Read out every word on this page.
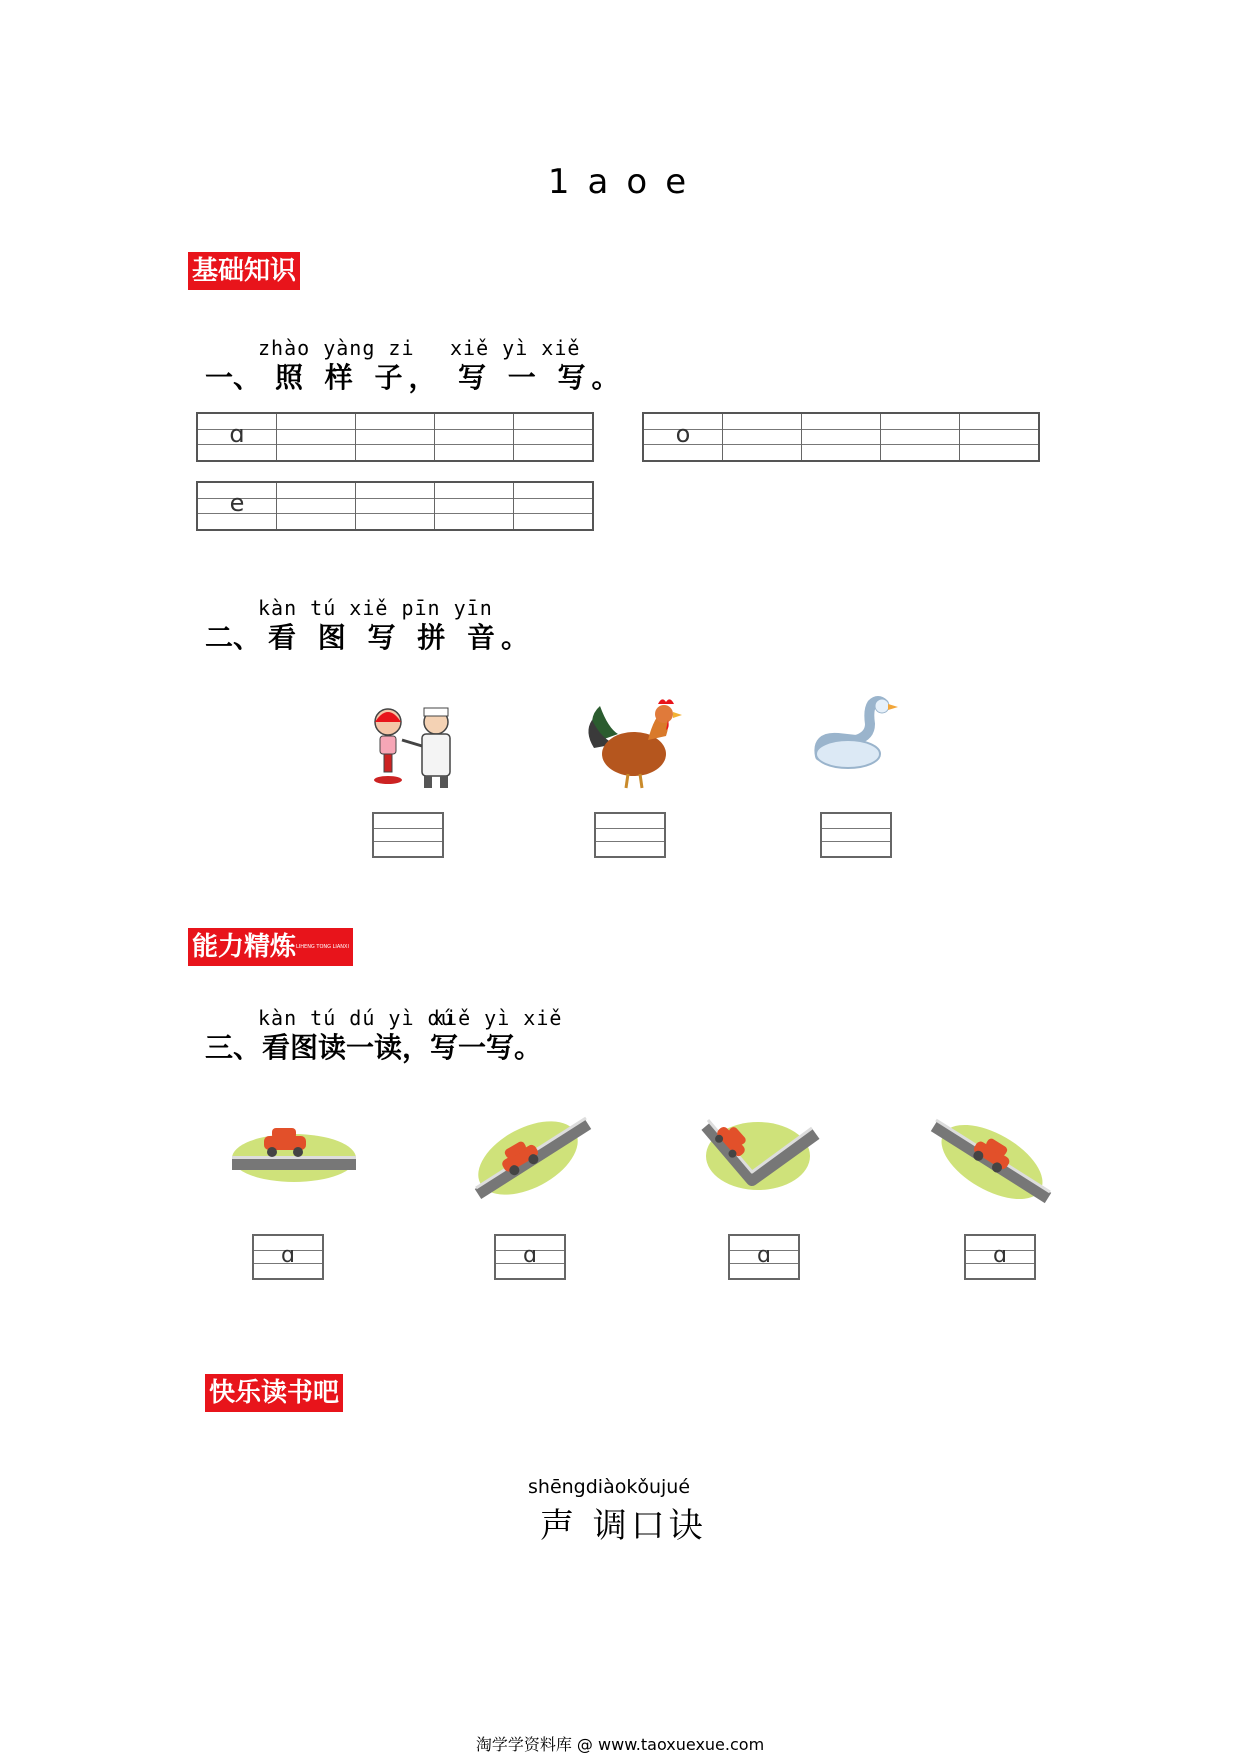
1 a o e
基础知识
zhào yàng zi xiě yì xiě
一、 照 样 子， 写 一 写。
ɑ	o
e
kàn tú xiě pīn yīn
二、 看 图 写 拼 音。
能力精炼LIHENG TONG LIANXI
kàn tú dú yì dú
xiě yì xiě
三、 看图读一读，写一写。
ɑ	ɑ	ɑ	ɑ
快乐读书吧
shēngdiàokǒujué
声 调口诀
淘学学资料库 @ www.taoxuexue.com
